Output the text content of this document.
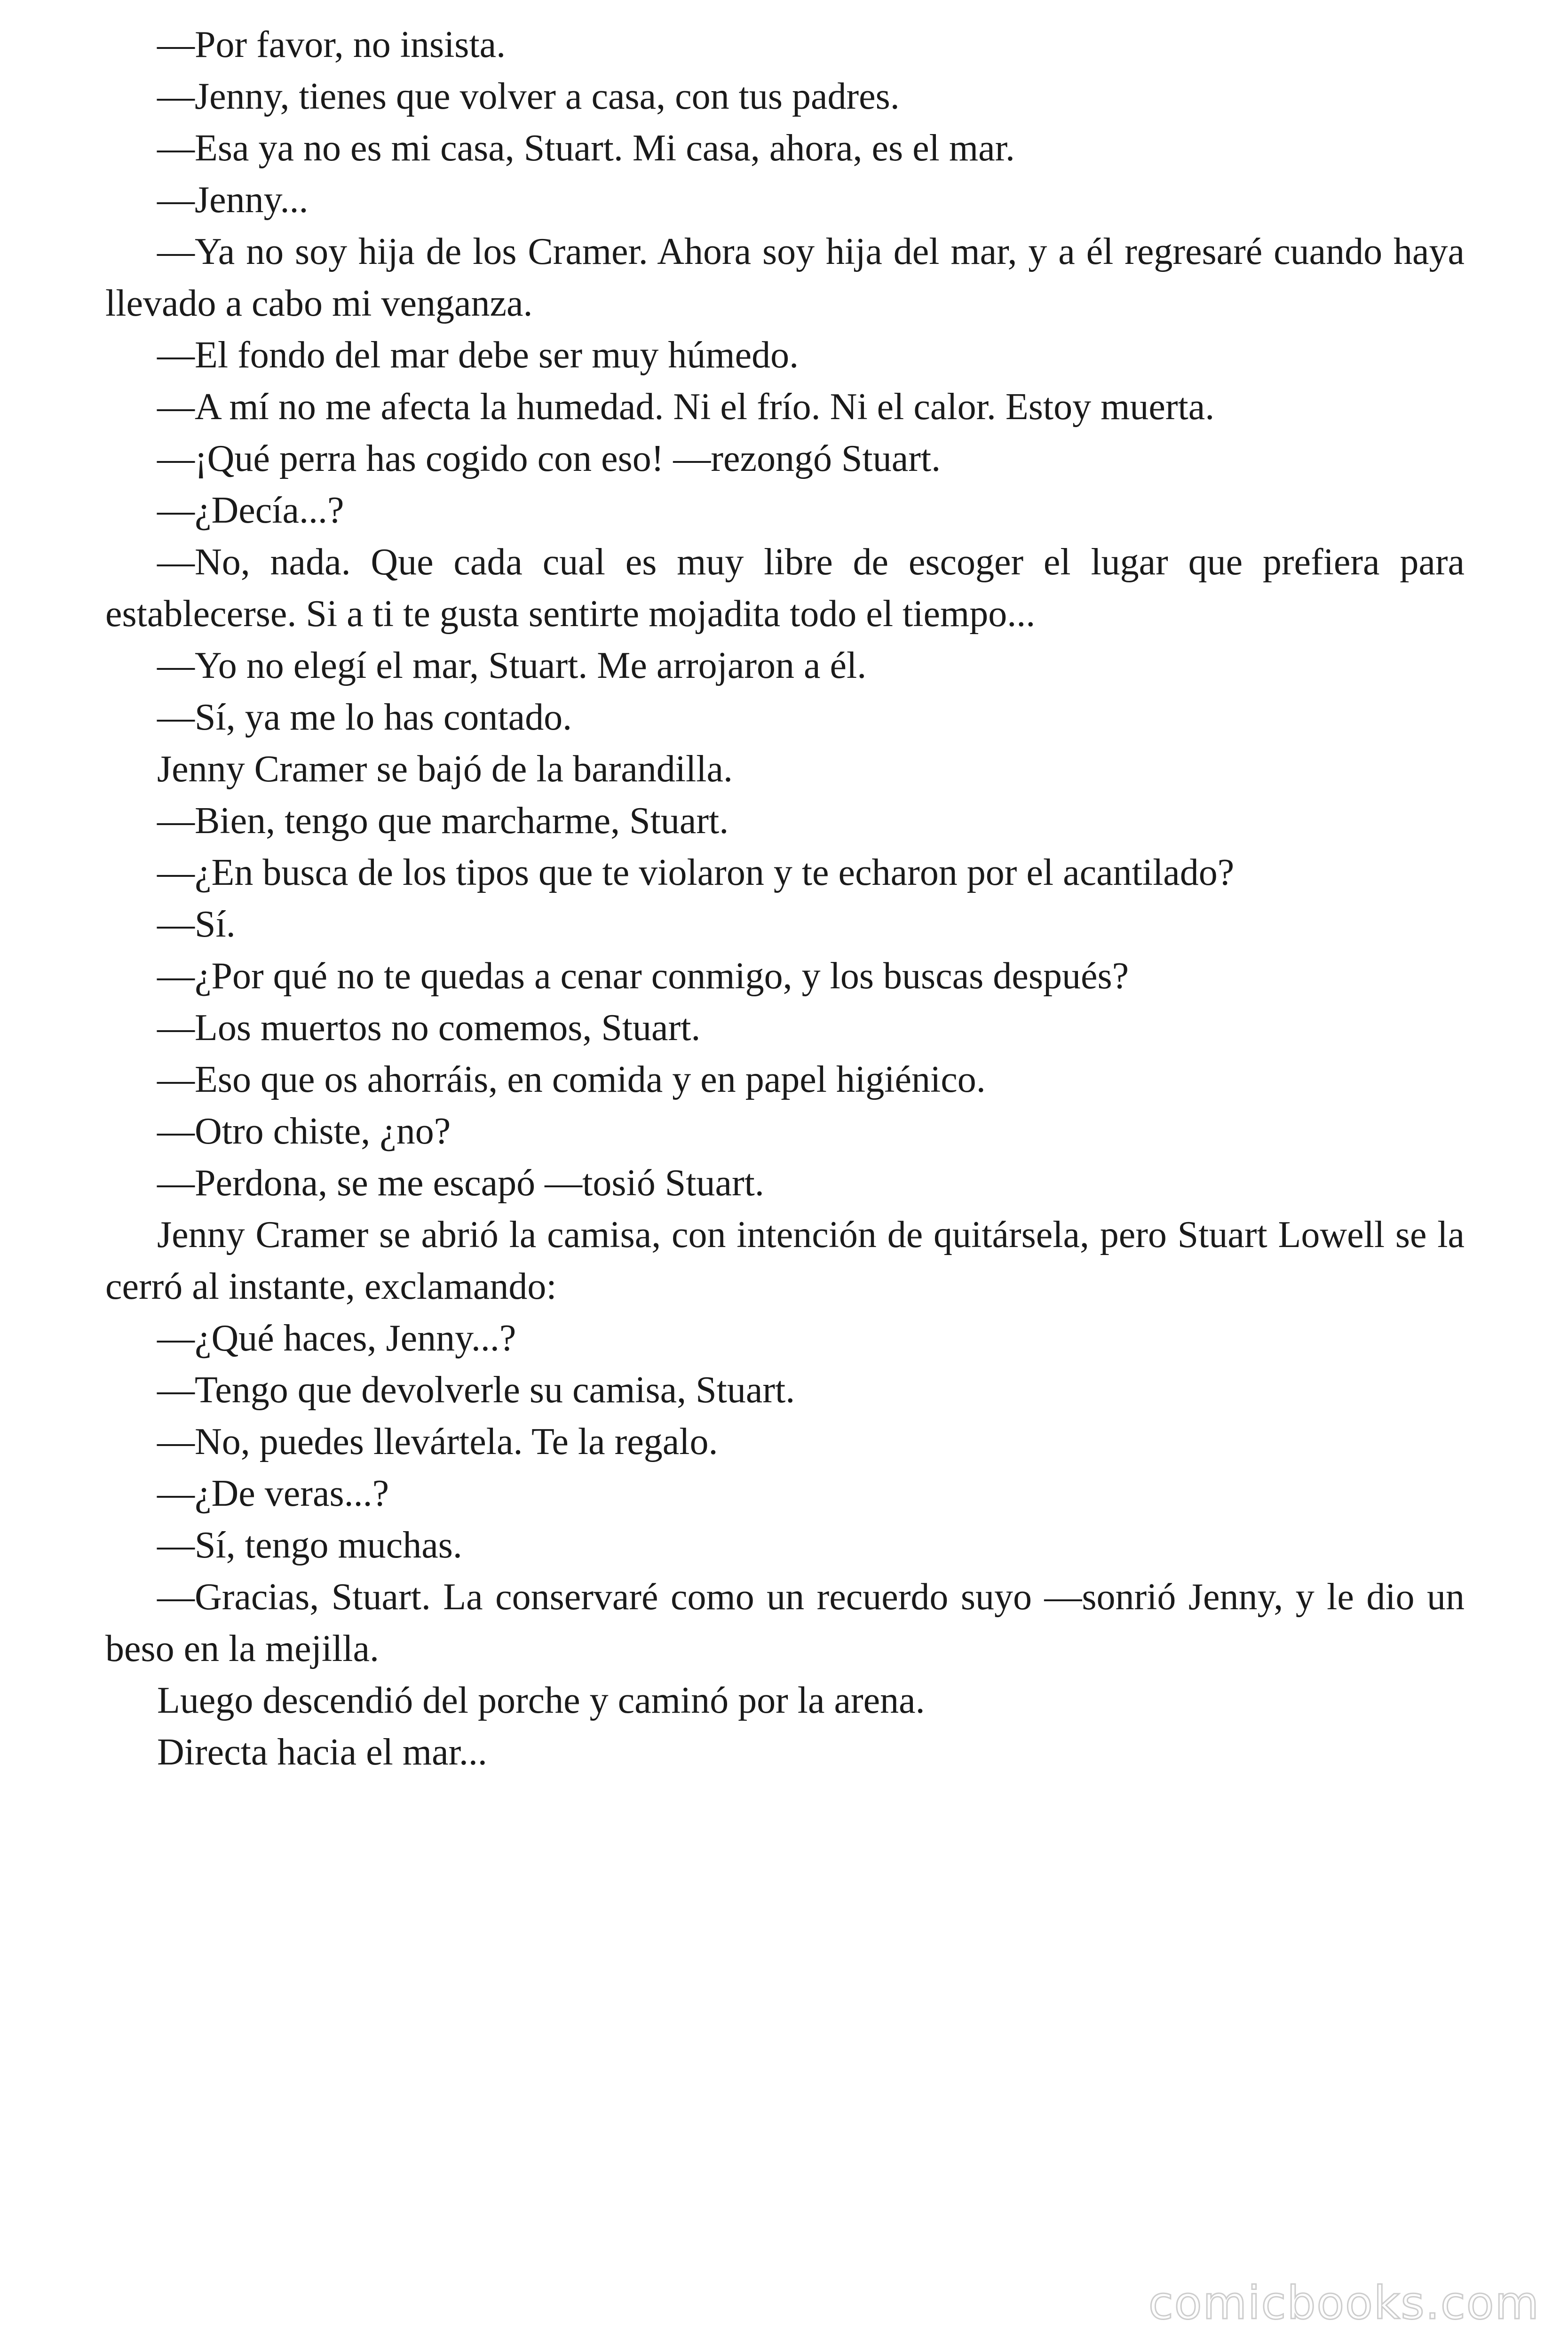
—Por favor, no insista.

—Jenny, tienes que volver a casa, con tus padres.

—Esa ya no es mi casa, Stuart. Mi casa, ahora, es el mar.

—Jenny...

—Ya no soy hija de los Cramer. Ahora soy hija del mar, y a él regresaré cuando haya llevado a cabo mi venganza.

—El fondo del mar debe ser muy húmedo.

—A mí no me afecta la humedad. Ni el frío. Ni el calor. Estoy muerta.

—¡Qué perra has cogido con eso! —rezongó Stuart.

—¿Decía...?

—No, nada. Que cada cual es muy libre de escoger el lugar que prefiera para establecerse. Si a ti te gusta sentirte mojadita todo el tiempo...

—Yo no elegí el mar, Stuart. Me arrojaron a él.

—Sí, ya me lo has contado.

Jenny Cramer se bajó de la barandilla.

—Bien, tengo que marcharme, Stuart.

—¿En busca de los tipos que te violaron y te echaron por el acantilado?

—Sí.

—¿Por qué no te quedas a cenar conmigo, y los buscas después?

—Los muertos no comemos, Stuart.

—Eso que os ahorráis, en comida y en papel higiénico.

—Otro chiste, ¿no?

—Perdona, se me escapó —tosió Stuart.

Jenny Cramer se abrió la camisa, con intención de quitársela, pero Stuart Lowell se la cerró al instante, exclamando:

—¿Qué haces, Jenny...?

—Tengo que devolverle su camisa, Stuart.

—No, puedes llevártela. Te la regalo.

—¿De veras...?

—Sí, tengo muchas.

—Gracias, Stuart. La conservaré como un recuerdo suyo —sonrió Jenny, y le dio un beso en la mejilla.

Luego descendió del porche y caminó por la arena.

Directa hacia el mar...

comicbooks.com
